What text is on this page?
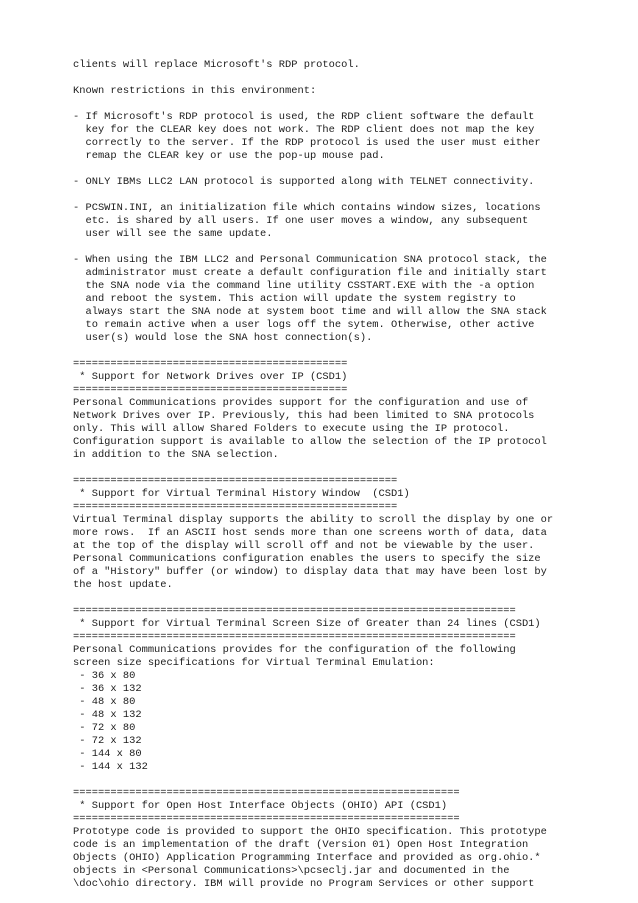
clients will replace Microsoft's RDP protocol.
Known restrictions in this environment:
- If Microsoft's RDP protocol is used, the RDP client software the default
key for the CLEAR key does not work. The RDP client does not map the key
correctly to the server. If the RDP protocol is used the user must either
remap the CLEAR key or use the pop-up mouse pad.
- ONLY IBMs LLC2 LAN protocol is supported along with TELNET connectivity.
- PCSWIN.INI, an initialization file which contains window sizes, locations
etc. is shared by all users. If one user moves a window, any subsequent
user will see the same update.
- When using the IBM LLC2 and Personal Communication SNA protocol stack, the
administrator must create a default configuration file and initially start
the SNA node via the command line utility CSSTART.EXE with the -a option
and reboot the system. This action will update the system registry to
always start the SNA node at system boot time and will allow the SNA stack
to remain active when a user logs off the sytem. Otherwise, other active
user(s) would lose the SNA host connection(s).
============================================
* Support for Network Drives over IP (CSD1)
============================================
Personal Communications provides support for the configuration and use of
Network Drives over IP. Previously, this had been limited to SNA protocols
only. This will allow Shared Folders to execute using the IP protocol.
Configuration support is available to allow the selection of the IP protocol
in addition to the SNA selection.
====================================================
* Support for Virtual Terminal History Window  (CSD1)
====================================================
Virtual Terminal display supports the ability to scroll the display by one or
more rows.  If an ASCII host sends more than one screens worth of data, data
at the top of the display will scroll off and not be viewable by the user.
Personal Communications configuration enables the users to specify the size
of a "History" buffer (or window) to display data that may have been lost by
the host update.
=======================================================================
* Support for Virtual Terminal Screen Size of Greater than 24 lines (CSD1)
=======================================================================
Personal Communications provides for the configuration of the following
screen size specifications for Virtual Terminal Emulation:
- 36 x 80
- 36 x 132
- 48 x 80
- 48 x 132
- 72 x 80
- 72 x 132
- 144 x 80
- 144 x 132
==============================================================
* Support for Open Host Interface Objects (OHIO) API (CSD1)
==============================================================
Prototype code is provided to support the OHIO specification. This prototype
code is an implementation of the draft (Version 01) Open Host Integration
Objects (OHIO) Application Programming Interface and provided as org.ohio.*
objects in <Personal Communications>\pcseclj.jar and documented in the
\doc\ohio directory. IBM will provide no Program Services or other support
